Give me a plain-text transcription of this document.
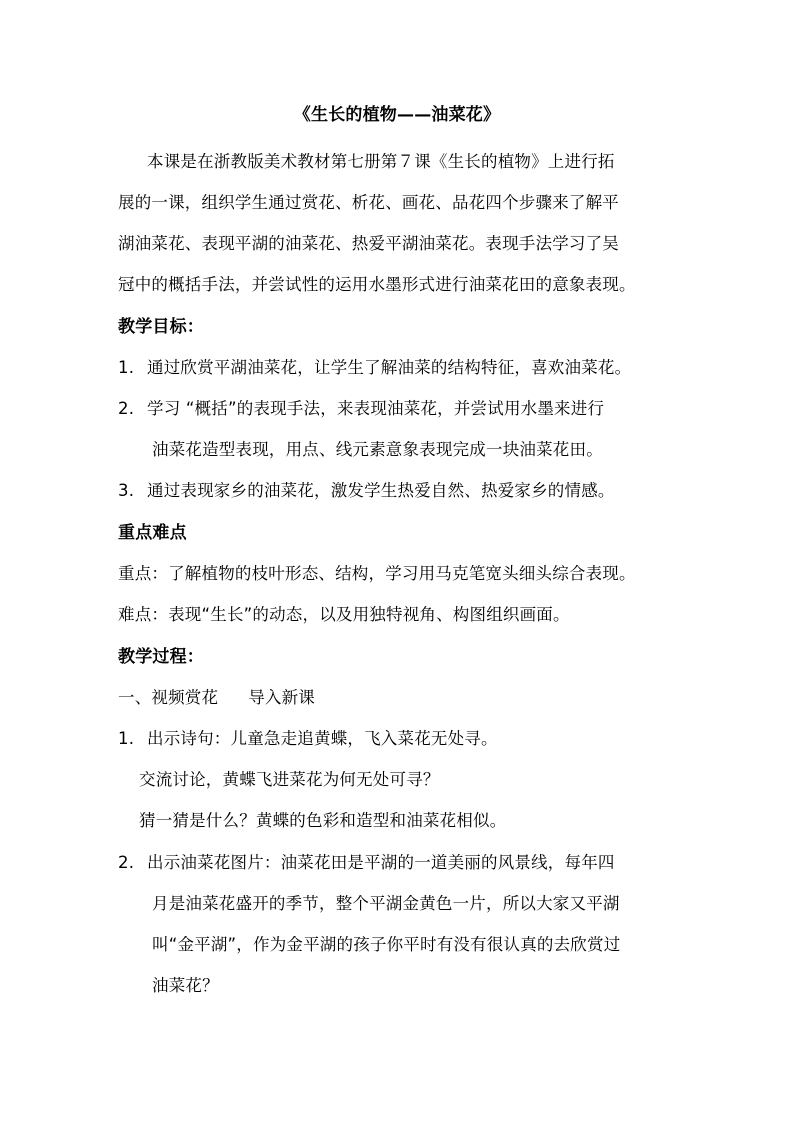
《生长的植物——油菜花》
本课是在浙教版美术教材第七册第７课《生长的植物》上进行拓
展的一课，组织学生通过赏花、析花、画花、品花四个步骤来了解平
湖油菜花、表现平湖的油菜花、热爱平湖油菜花。表现手法学习了吴
冠中的概括手法，并尝试性的运用水墨形式进行油菜花田的意象表现。
教学目标：
1. 通过欣赏平湖油菜花，让学生了解油菜的结构特征，喜欢油菜花。
2. 学习 “概括”的表现手法，来表现油菜花，并尝试用水墨来进行
油菜花造型表现，用点、线元素意象表现完成一块油菜花田。
3. 通过表现家乡的油菜花，激发学生热爱自然、热爱家乡的情感。
重点难点
重点：了解植物的枝叶形态、结构，学习用马克笔宽头细头综合表现。
难点：表现“生长”的动态，以及用独特视角、构图组织画面。
教学过程：
一、视频赏花 导入新课
1. 出示诗句：儿童急走追黄蝶，飞入菜花无处寻。
交流讨论，黄蝶飞进菜花为何无处可寻？
猜一猜是什么？黄蝶的色彩和造型和油菜花相似。
2. 出示油菜花图片：油菜花田是平湖的一道美丽的风景线，每年四
月是油菜花盛开的季节，整个平湖金黄色一片，所以大家又平湖
叫“金平湖”，作为金平湖的孩子你平时有没有很认真的去欣赏过
油菜花？
